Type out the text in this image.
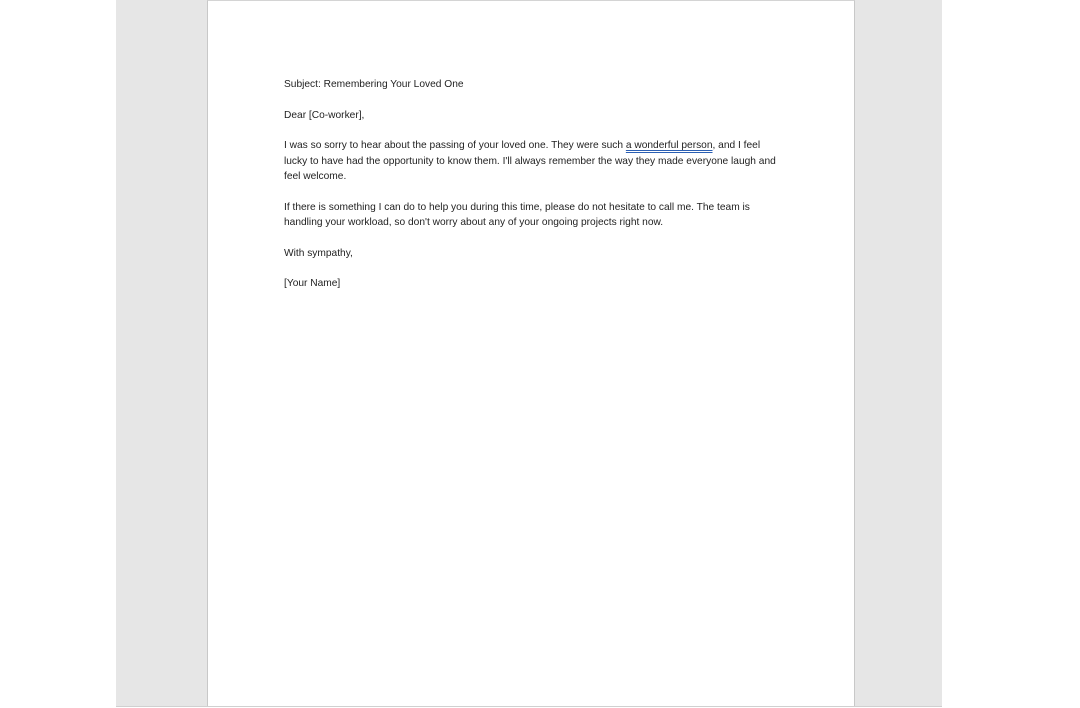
Subject: Remembering Your Loved One

Dear [Co-worker],

I was so sorry to hear about the passing of your loved one. They were such a wonderful person, and I feel lucky to have had the opportunity to know them. I'll always remember the way they made everyone laugh and feel welcome.

If there is something I can do to help you during this time, please do not hesitate to call me. The team is handling your workload, so don't worry about any of your ongoing projects right now.

With sympathy,

[Your Name]
